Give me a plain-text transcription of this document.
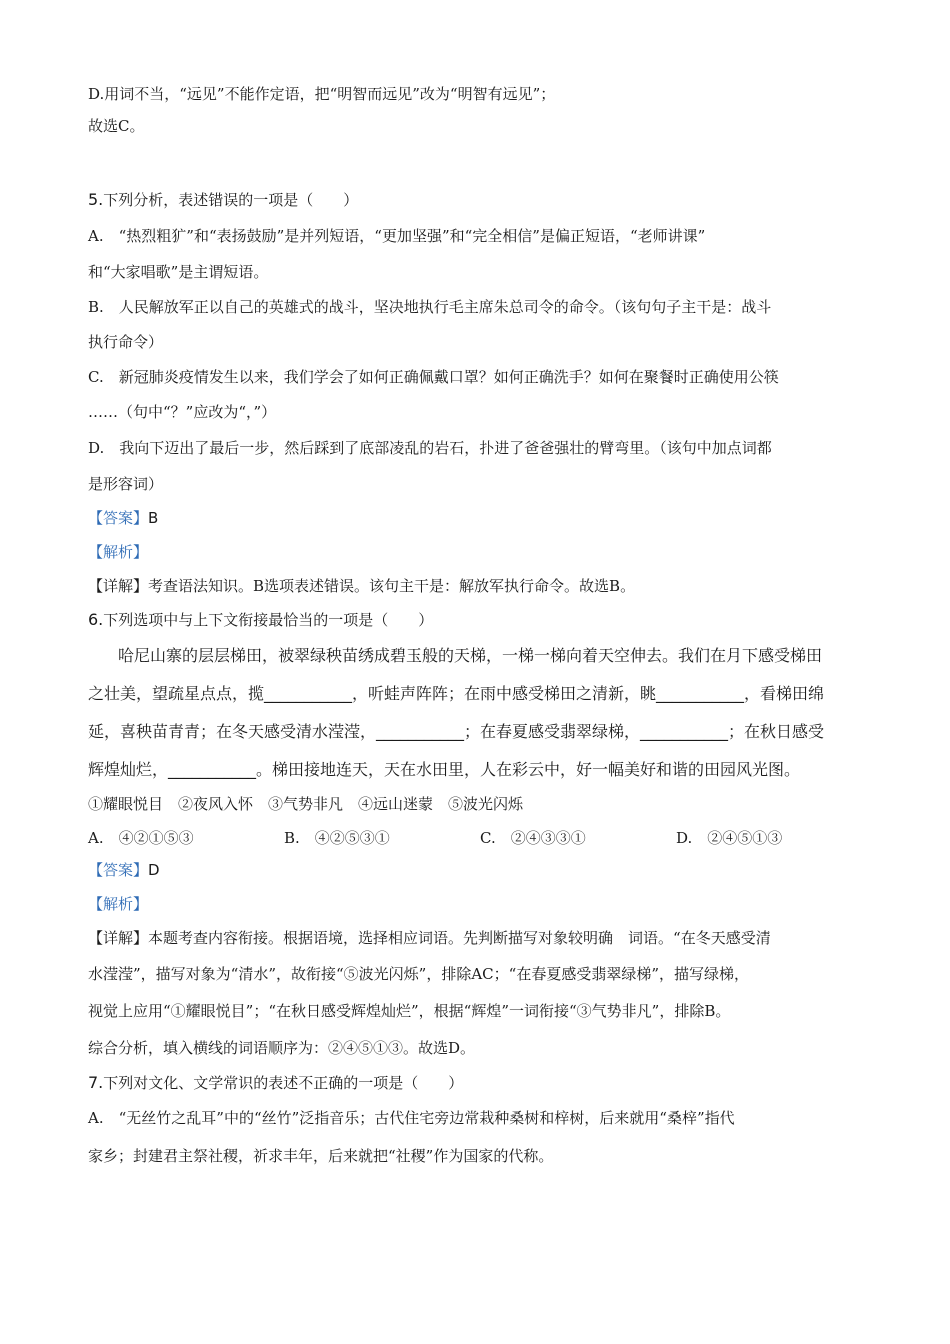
D.用词不当，“远见”不能作定语，把“明智而远见”改为“明智有远见”；
故选C。
5.下列分析，表述错误的一项是（　　）
A.　“热烈粗犷”和“表扬鼓励”是并列短语，“更加坚强”和“完全相信”是偏正短语，“老师讲课”
和“大家唱歌”是主谓短语。
B.　人民解放军正以自己的英雄式的战斗，坚决地执行毛主席朱总司令的命令。（该句句子主干是：战斗
执行命令）
C.　新冠肺炎疫情发生以来，我们学会了如何正确佩戴口罩？如何正确洗手？如何在聚餐时正确使用公筷
……（句中“？”应改为“，”）
D.　我向下迈出了最后一步，然后踩到了底部凌乱的岩石，扑进了爸爸强壮的臂弯里。（该句中加点词都
是形容词）
【答案】B
【解析】
【详解】考查语法知识。B选项表述错误。该句主干是：解放军执行命令。故选B。
6.下列选项中与上下文衔接最恰当的一项是（　　）
哈尼山寨的层层梯田，被翠绿秧苗绣成碧玉般的天梯，一梯一梯向着天空伸去。我们在月下感受梯田
之壮美，望疏星点点，揽___________，听蛙声阵阵；在雨中感受梯田之清新，眺___________，看梯田绵
延，喜秧苗青青；在冬天感受清水滢滢，___________；在春夏感受翡翠绿梯，___________；在秋日感受
辉煌灿烂，___________。梯田接地连天，天在水田里，人在彩云中，好一幅美好和谐的田园风光图。
①耀眼悦目　②夜风入怀　③气势非凡　④远山迷蒙　⑤波光闪烁
A.　④②①⑤③	B.　④②⑤③①	C.　②④③③①	D.　②④⑤①③
【答案】D
【解析】
【详解】本题考查内容衔接。根据语境，选择相应词语。先判断描写对象较明确　词语。“在冬天感受清
水滢滢”，描写对象为“清水”，故衔接“⑤波光闪烁”，排除AC；“在春夏感受翡翠绿梯”，描写绿梯，
视觉上应用“①耀眼悦目”；“在秋日感受辉煌灿烂”，根据“辉煌”一词衔接“③气势非凡”，排除B。
综合分析，填入横线的词语顺序为：②④⑤①③。故选D。
7.下列对文化、文学常识的表述不正确的一项是（　　）
A.　“无丝竹之乱耳”中的“丝竹”泛指音乐；古代住宅旁边常栽种桑树和梓树，后来就用“桑梓”指代
家乡；封建君主祭社稷，祈求丰年，后来就把“社稷”作为国家的代称。
